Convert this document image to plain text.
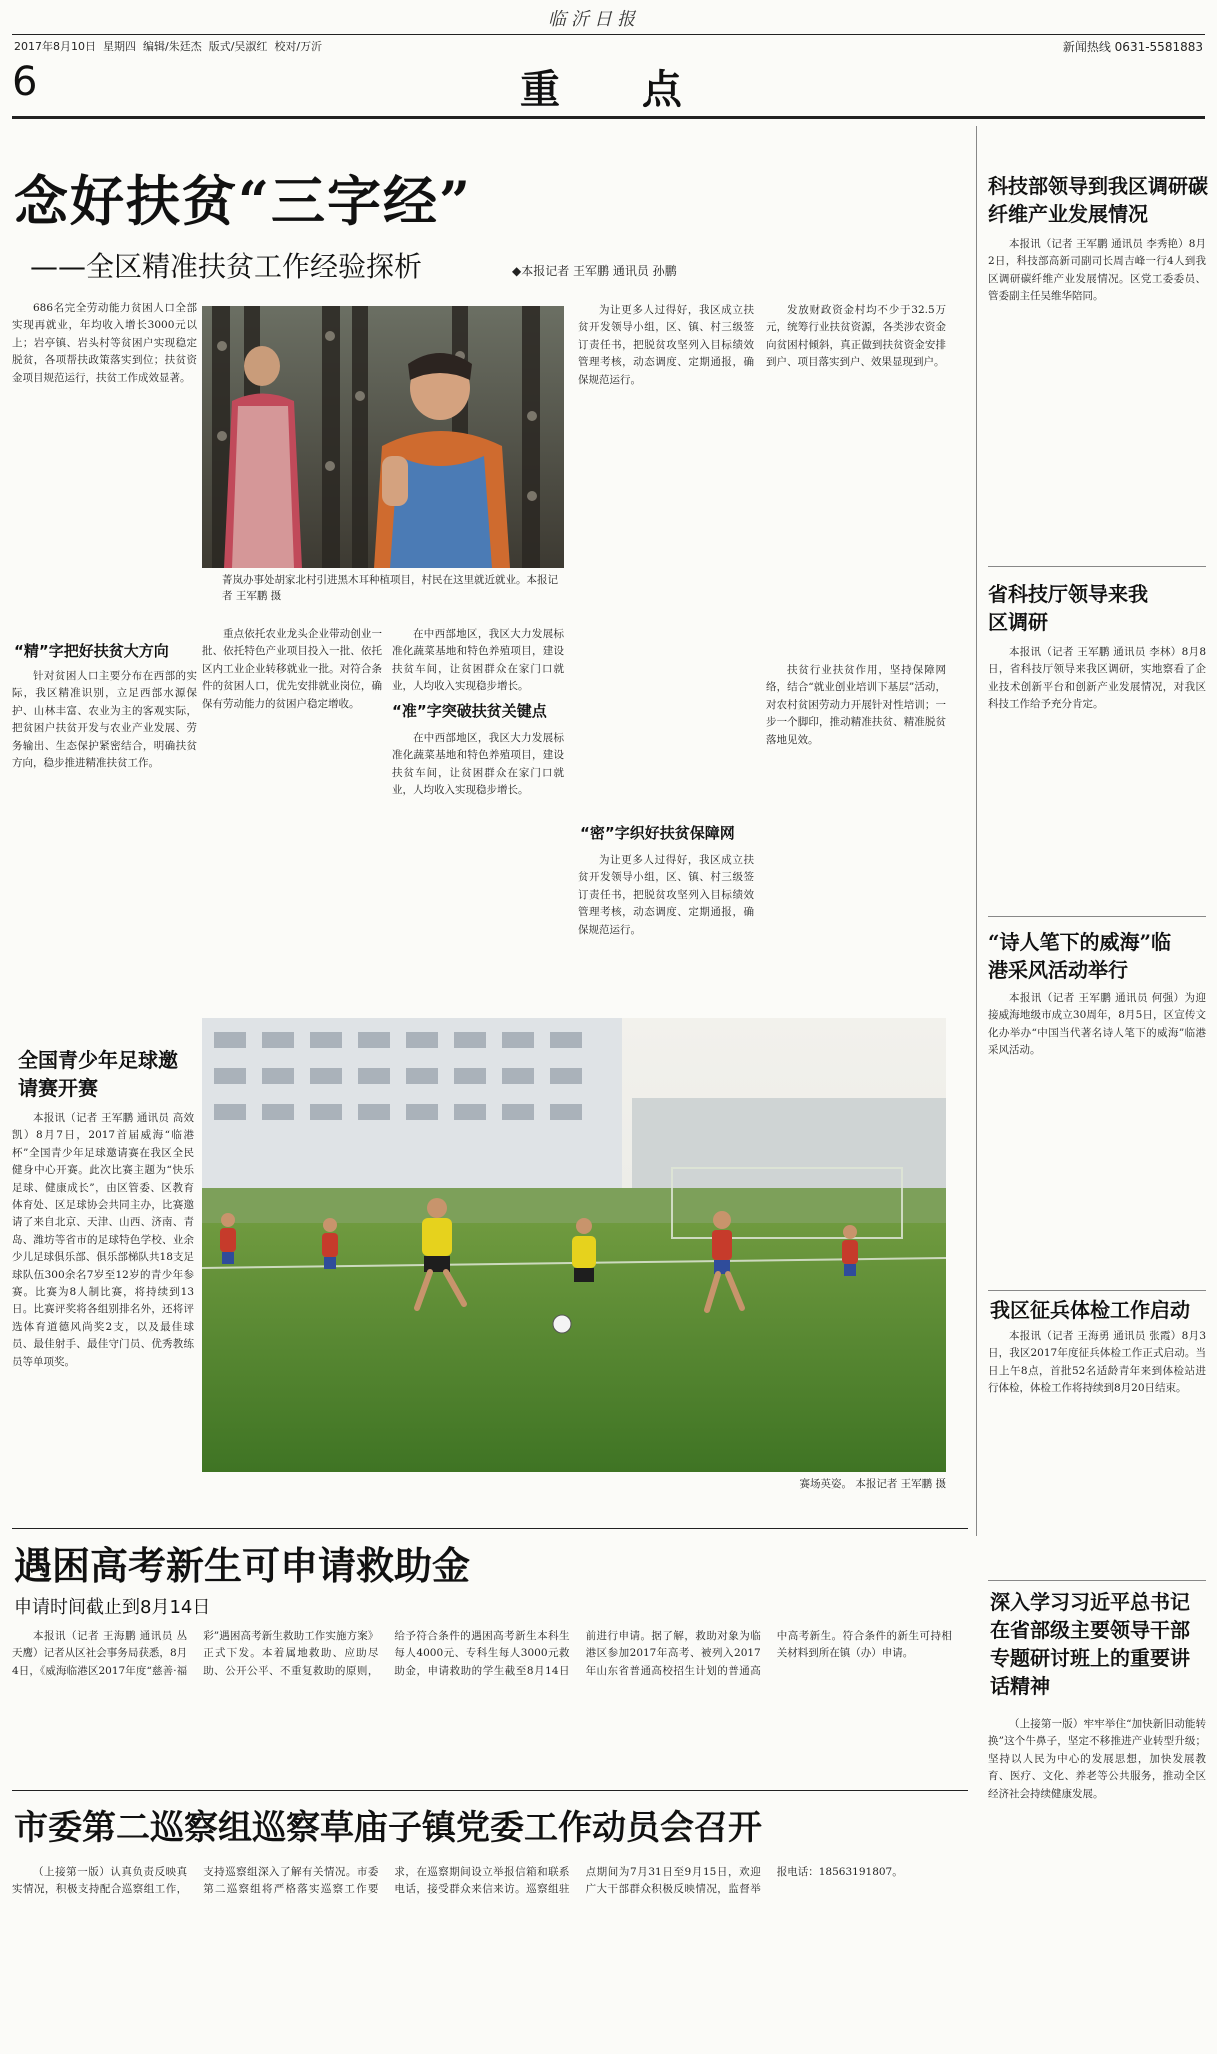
临沂日报
2017年8月10日 星期四 编辑/朱廷杰 版式/吴淑红 校对/万沂	新闻热线 0631-5581883
6	重 点
念好扶贫“三字经”
——全区精准扶贫工作经验探析	◆本报记者 王军鹏 通讯员 孙鹏

686名完全劳动能力贫困人口全部实现再就业，年均收入增长3000元以上；岩亭镇、岩头村等贫困户实现稳定脱贫，各项帮扶政策落实到位；扶贫资金项目规范运行，扶贫工作成效显著。

“精”字把好扶贫大方向

针对贫困人口主要分布在西部的实际，我区精准识别，立足西部水源保护、山林丰富、农业为主的客观实际，把贫困户扶贫开发与农业产业发展、劳务输出、生态保护紧密结合，明确扶贫方向，稳步推进精准扶贫工作。

菁岚办事处胡家北村引进黑木耳种植项目，村民在这里就近就业。本报记者 王军鹏 摄

重点依托农业龙头企业带动创业一批、依托特色产业项目投入一批、依托区内工业企业转移就业一批。对符合条件的贫困人口，优先安排就业岗位，确保有劳动能力的贫困户稳定增收。

在中西部地区，我区大力发展标准化蔬菜基地和特色养殖项目，建设扶贫车间，让贫困群众在家门口就业，人均收入实现稳步增长。

“准”字突破扶贫关键点

在中西部地区，我区大力发展标准化蔬菜基地和特色养殖项目，建设扶贫车间，让贫困群众在家门口就业，人均收入实现稳步增长。

为让更多人过得好，我区成立扶贫开发领导小组，区、镇、村三级签订责任书，把脱贫攻坚列入目标绩效管理考核，动态调度、定期通报，确保规范运行。

“密”字织好扶贫保障网

为让更多人过得好，我区成立扶贫开发领导小组，区、镇、村三级签订责任书，把脱贫攻坚列入目标绩效管理考核，动态调度、定期通报，确保规范运行。

发放财政资金村均不少于32.5万元，统筹行业扶贫资源，各类涉农资金向贫困村倾斜，真正做到扶贫资金安排到户、项目落实到户、效果显现到户。

扶贫行业扶贫作用，坚持保障网络，结合“就业创业培训下基层”活动，对农村贫困劳动力开展针对性培训；一步一个脚印，推动精准扶贫、精准脱贫落地见效。

科技部领导到我区调研碳纤维产业发展情况

本报讯（记者 王军鹏 通讯员 李秀艳）8月2日，科技部高新司副司长周吉峰一行4人到我区调研碳纤维产业发展情况。区党工委委员、管委副主任吴维华陪同。

省科技厅领导来我区调研

本报讯（记者 王军鹏 通讯员 李林）8月8日，省科技厅领导来我区调研，实地察看了企业技术创新平台和创新产业发展情况，对我区科技工作给予充分肯定。

“诗人笔下的威海”临港采风活动举行

本报讯（记者 王军鹏 通讯员 何强）为迎接威海地级市成立30周年，8月5日，区宣传文化办举办“中国当代著名诗人笔下的威海”临港采风活动。

我区征兵体检工作启动

本报讯（记者 王海勇 通讯员 张霞）8月3日，我区2017年度征兵体检工作正式启动。当日上午8点，首批52名适龄青年来到体检站进行体检，体检工作将持续到8月20日结束。

深入学习习近平总书记在省部级主要领导干部专题研讨班上的重要讲话精神

（上接第一版）牢牢举住“加快新旧动能转换”这个牛鼻子，坚定不移推进产业转型升级；坚持以人民为中心的发展思想，加快发展教育、医疗、文化、养老等公共服务，推动全区经济社会持续健康发展。

全国青少年足球邀请赛开赛

本报讯（记者 王军鹏 通讯员 高效凯）8月7日，2017首届威海“临港杯”全国青少年足球邀请赛在我区全民健身中心开赛。此次比赛主题为“快乐足球、健康成长”，由区管委、区教育体育处、区足球协会共同主办，比赛邀请了来自北京、天津、山西、济南、青岛、潍坊等省市的足球特色学校、业余少儿足球俱乐部、俱乐部梯队共18支足球队伍300余名7岁至12岁的青少年参赛。比赛为8人制比赛，将持续到13日。比赛评奖将各组别排名外，还将评选体育道德风尚奖2支，以及最佳球员、最佳射手、最佳守门员、优秀教练员等单项奖。

赛场英姿。 本报记者 王军鹏 摄
遇困高考新生可申请救助金
申请时间截止到8月14日

本报讯（记者 王海鹏 通讯员 丛天鹰）记者从区社会事务局获悉，8月4日，《威海临港区2017年度“慈善·福彩”遇困高考新生救助工作实施方案》正式下发。本着属地救助、应助尽助、公开公平、不重复救助的原则，给予符合条件的遇困高考新生本科生每人4000元、专科生每人3000元救助金，申请救助的学生截至8月14日前进行申请。据了解，救助对象为临港区参加2017年高考、被列入2017年山东省普通高校招生计划的普通高中高考新生。符合条件的新生可持相关材料到所在镇（办）申请。

市委第二巡察组巡察草庙子镇党委工作动员会召开

（上接第一版）认真负责反映真实情况，积极支持配合巡察组工作，支持巡察组深入了解有关情况。市委第二巡察组将严格落实巡察工作要求，在巡察期间设立举报信箱和联系电话，接受群众来信来访。巡察组驻点期间为7月31日至9月15日，欢迎广大干部群众积极反映情况，监督举报电话：18563191807。
